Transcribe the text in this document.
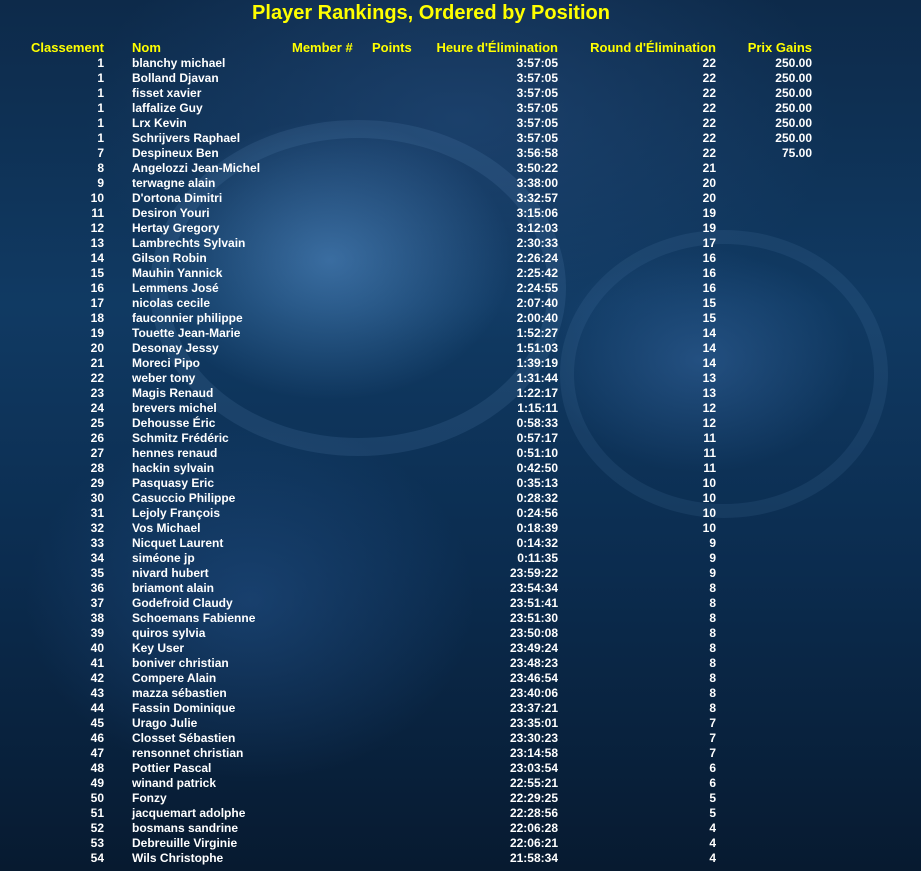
Player Rankings, Ordered by Position
Classement	Nom	Member #	Points	Heure d'Élimination	Round d'Élimination	Prix Gains
1	blanchy michael			3:57:05	22	250.00
1	Bolland Djavan			3:57:05	22	250.00
1	fisset xavier			3:57:05	22	250.00
1	laffalize Guy			3:57:05	22	250.00
1	Lrx Kevin			3:57:05	22	250.00
1	Schrijvers Raphael			3:57:05	22	250.00
7	Despineux Ben			3:56:58	22	75.00
8	Angelozzi Jean-Michel			3:50:22	21	
9	terwagne alain			3:38:00	20	
10	D'ortona Dimitri			3:32:57	20	
11	Desiron Youri			3:15:06	19	
12	Hertay Gregory			3:12:03	19	
13	Lambrechts Sylvain			2:30:33	17	
14	Gilson Robin			2:26:24	16	
15	Mauhin Yannick			2:25:42	16	
16	Lemmens José			2:24:55	16	
17	nicolas cecile			2:07:40	15	
18	fauconnier philippe			2:00:40	15	
19	Touette Jean-Marie			1:52:27	14	
20	Desonay Jessy			1:51:03	14	
21	Moreci Pipo			1:39:19	14	
22	weber tony			1:31:44	13	
23	Magis Renaud			1:22:17	13	
24	brevers michel			1:15:11	12	
25	Dehousse Éric			0:58:33	12	
26	Schmitz Frédéric			0:57:17	11	
27	hennes renaud			0:51:10	11	
28	hackin sylvain			0:42:50	11	
29	Pasquasy Eric			0:35:13	10	
30	Casuccio Philippe			0:28:32	10	
31	Lejoly François			0:24:56	10	
32	Vos Michael			0:18:39	10	
33	Nicquet Laurent			0:14:32	9	
34	siméone jp			0:11:35	9	
35	nivard hubert			23:59:22	9	
36	briamont alain			23:54:34	8	
37	Godefroid Claudy			23:51:41	8	
38	Schoemans Fabienne			23:51:30	8	
39	quiros sylvia			23:50:08	8	
40	Key User			23:49:24	8	
41	boniver christian			23:48:23	8	
42	Compere Alain			23:46:54	8	
43	mazza sébastien			23:40:06	8	
44	Fassin Dominique			23:37:21	8	
45	Urago Julie			23:35:01	7	
46	Closset Sébastien			23:30:23	7	
47	rensonnet christian			23:14:58	7	
48	Pottier Pascal			23:03:54	6	
49	winand patrick			22:55:21	6	
50	Fonzy			22:29:25	5	
51	jacquemart adolphe			22:28:56	5	
52	bosmans sandrine			22:06:28	4	
53	Debreuille Virginie			22:06:21	4	
54	Wils Christophe			21:58:34	4	
